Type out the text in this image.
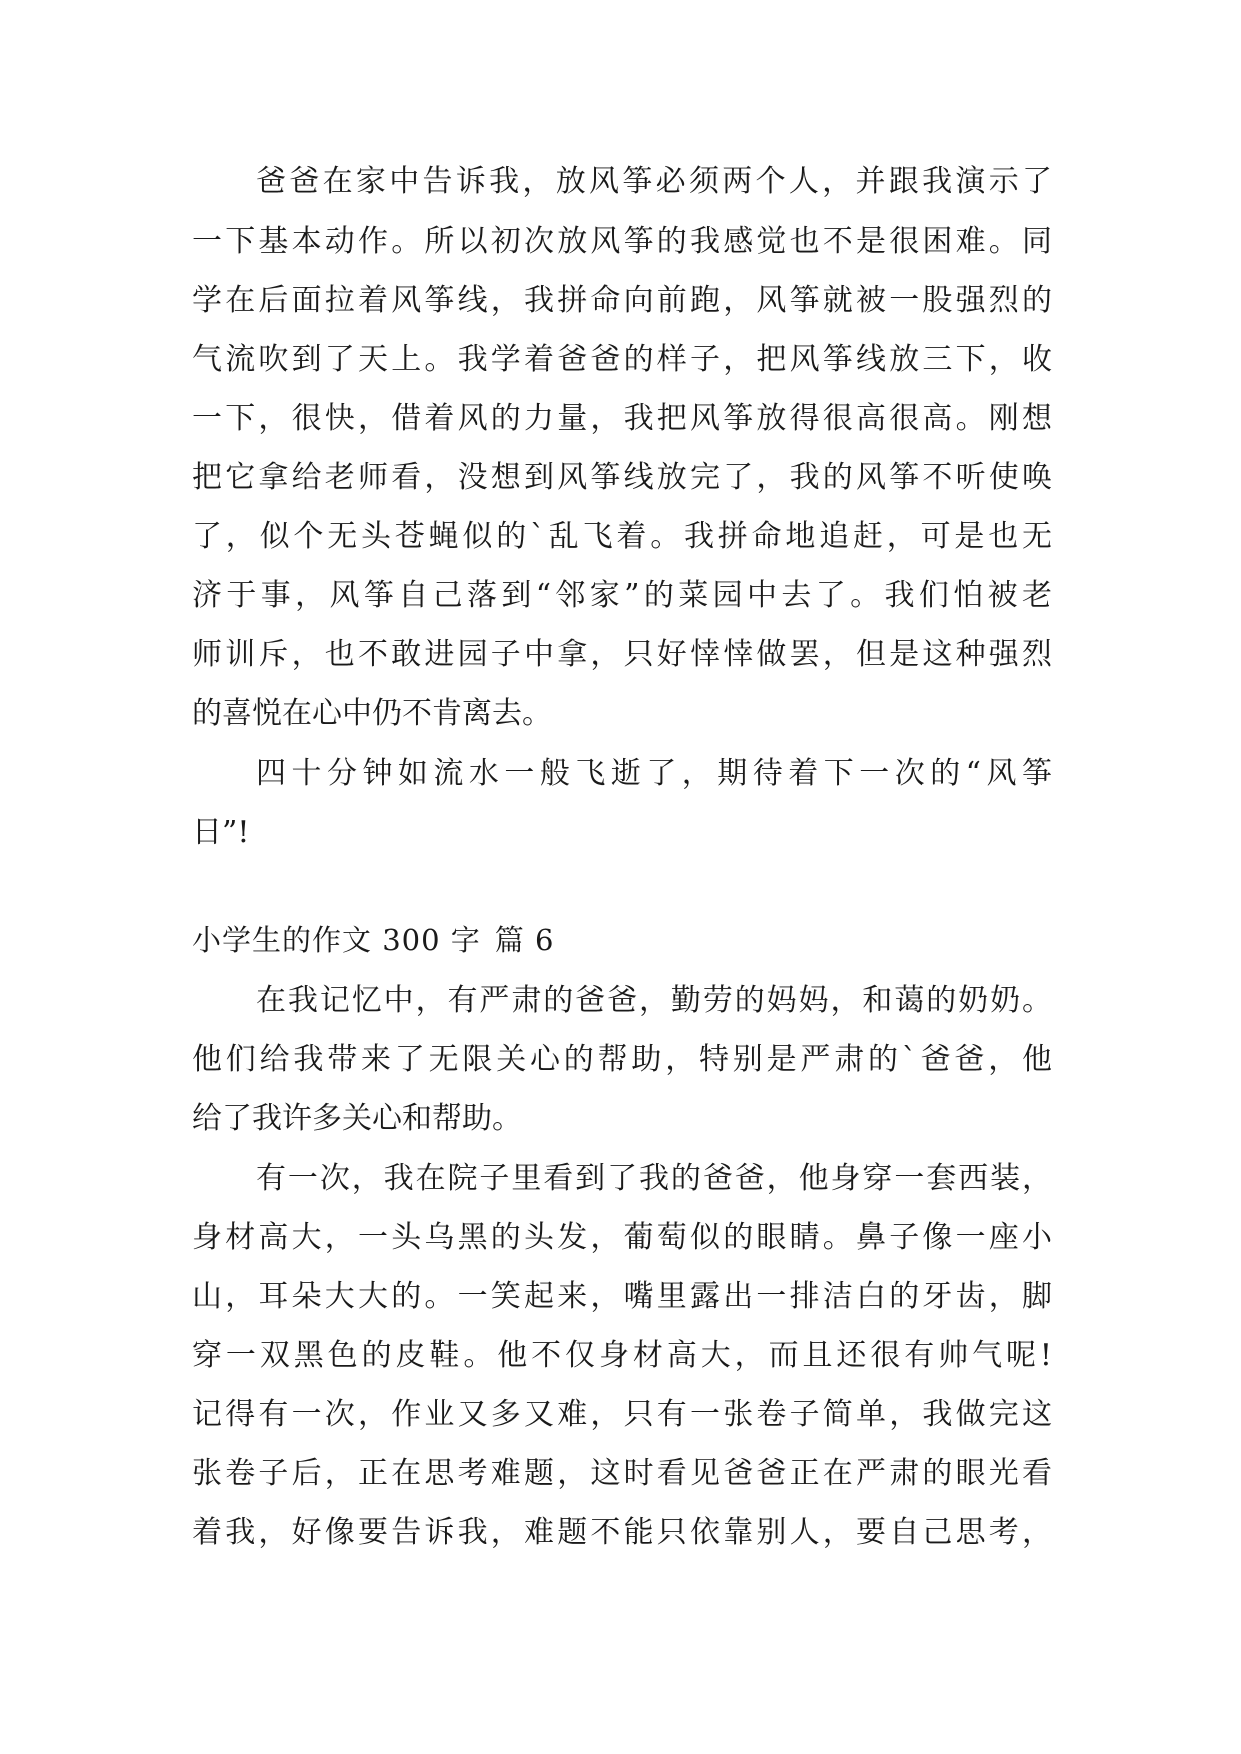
爸爸在家中告诉我，放风筝必须两个人，并跟我演示了

一下基本动作。所以初次放风筝的我感觉也不是很困难。同

学在后面拉着风筝线，我拼命向前跑，风筝就被一股强烈的

气流吹到了天上。我学着爸爸的样子，把风筝线放三下，收

一下，很快，借着风的力量，我把风筝放得很高很高。刚想

把它拿给老师看，没想到风筝线放完了，我的风筝不听使唤

了，似个无头苍蝇似的`乱飞着。我拼命地追赶，可是也无

济于事，风筝自己落到“邻家”的菜园中去了。我们怕被老

师训斥，也不敢进园子中拿，只好悻悻做罢，但是这种强烈

的喜悦在心中仍不肯离去。

四十分钟如流水一般飞逝了，期待着下一次的“风筝

日”!

小学生的作文 300 字 篇 6

在我记忆中，有严肃的爸爸，勤劳的妈妈，和蔼的奶奶。

他们给我带来了无限关心的帮助，特别是严肃的`爸爸，他

给了我许多关心和帮助。

有一次，我在院子里看到了我的爸爸，他身穿一套西装，

身材高大，一头乌黑的头发，葡萄似的眼睛。鼻子像一座小

山，耳朵大大的。一笑起来，嘴里露出一排洁白的牙齿，脚

穿一双黑色的皮鞋。他不仅身材高大，而且还很有帅气呢!

记得有一次，作业又多又难，只有一张卷子简单，我做完这

张卷子后，正在思考难题，这时看见爸爸正在严肃的眼光看

着我，好像要告诉我，难题不能只依靠别人，要自己思考，
